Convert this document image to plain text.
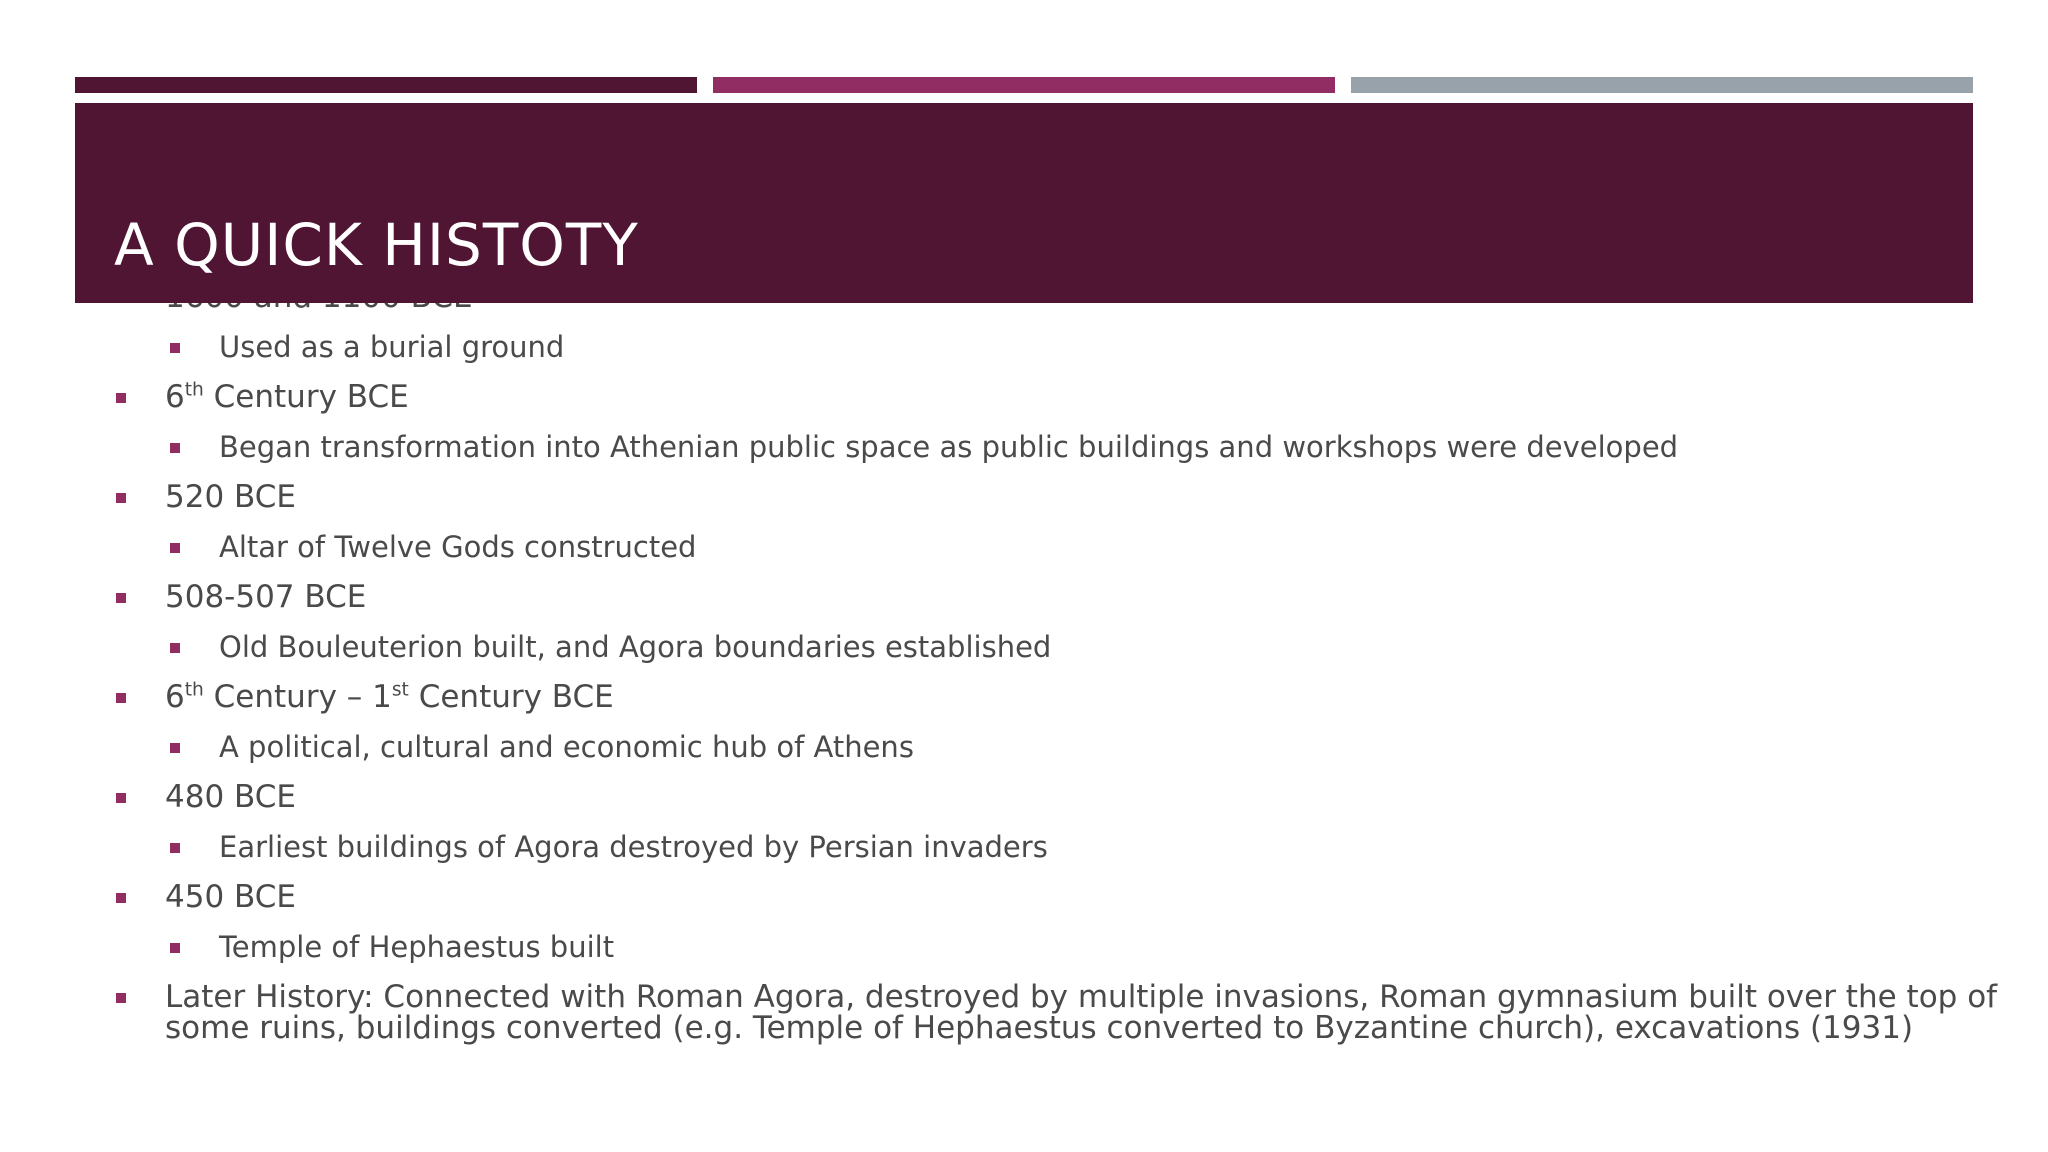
Used as a burial ground
6th Century BCE
Began transformation into Athenian public space as public buildings and workshops were developed
520 BCE
Altar of Twelve Gods constructed
508-507 BCE
Old Bouleuterion built, and Agora boundaries established
6th Century – 1st Century BCE
A political, cultural and economic hub of Athens
480 BCE
Earliest buildings of Agora destroyed by Persian invaders
450 BCE
Temple of Hephaestus built
Later History: Connected with Roman Agora, destroyed by multiple invasions, Roman gymnasium built over the top of some ruins, buildings converted (e.g. Temple of Hephaestus converted to Byzantine church), excavations (1931)
A QUICK HISTOTY
